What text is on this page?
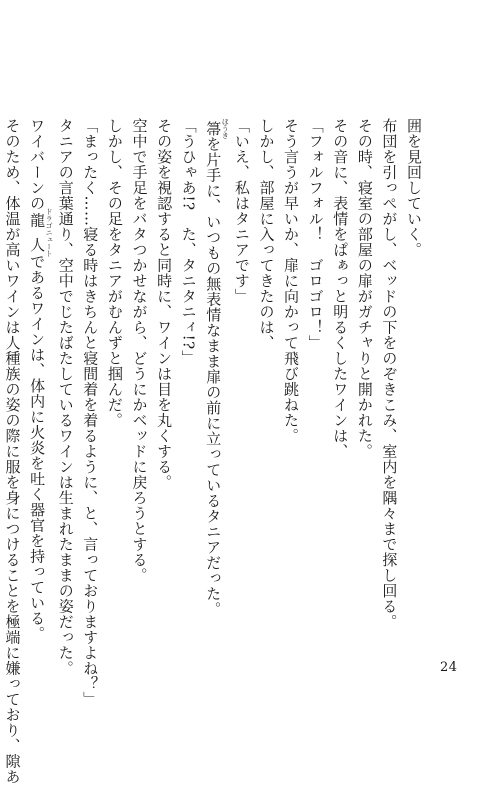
囲を見回していく。
布団を引っぺがし、ベッドの下をのぞきこみ、室内を隅々まで探し回る。
その時、寝室の部屋の扉がガチャりと開かれた。
その音に、表情をぱぁっと明るくしたワインは、
「フォルフォル！　ゴロゴロ！」
そう言うが早いか、扉に向かって飛び跳ねた。
しかし、部屋に入ってきたのは、
「いえ、私はタニアです」
箒 ほうきを片手に、いつもの無表情なまま扉の前に立っているタニアだった。
「うひゃあ!?　た、タニタニィ!?」
その姿を視認すると同時に、ワインは目を丸くする。
空中で手足をバタつかせながら、どうにかベッドに戻ろうとする。
しかし、その足をタニアがむんずと掴んだ。
「まったく……寝る時はきちんと寝間着を着るように、と、言っておりますよね？」
タニアの言葉通り、空中でじたばたしているワインは生まれたままの姿だった。
ワイバーンの龍人 ドラゴニュートであるワインは、体内に火炎を吐く器官を持っている。
そのため、体温が高いワインは人種族の姿の際に服を身につけることを極端に嫌っており、隙あ	24
